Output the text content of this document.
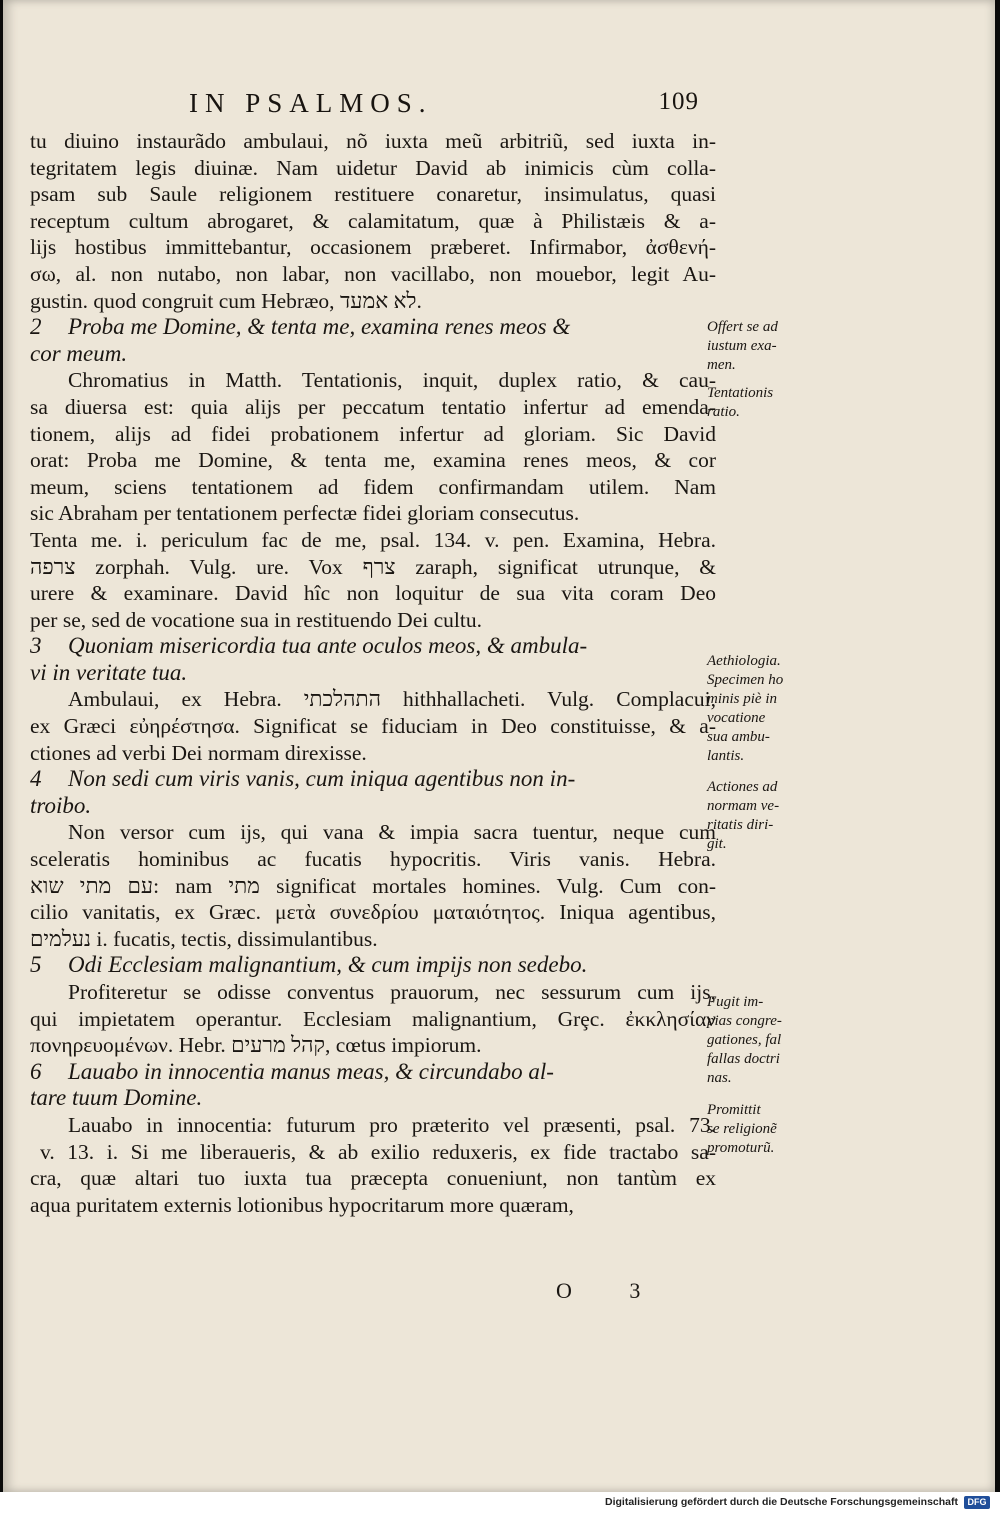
IN PSALMOS.	109
tu diuino instaurãdo ambulaui, nõ iuxta meũ arbitriũ, sed iuxta in-
tegritatem legis diuinæ. Nam uidetur David ab inimicis cùm colla-
psam sub Saule religionem restituere conaretur, insimulatus, quasi
receptum cultum abrogaret, & calamitatum, quæ à Philistæis & a-
lijs hostibus immittebantur, occasionem præberet. Infirmabor, ἀσθενή-
σω, al. non nutabo, non labar, non vacillabo, non mouebor, legit Au-
gustin. quod congruit cum Hebræo, לא אמעד.
2 Proba me Domine, & tenta me, examina renes meos &
cor meum.
Chromatius in Matth. Tentationis, inquit, duplex ratio, & cau-
sa diuersa est: quia alijs per peccatum tentatio infertur ad emenda-
tionem, alijs ad fidei probationem infertur ad gloriam. Sic David
orat: Proba me Domine, & tenta me, examina renes meos, & cor
meum, sciens tentationem ad fidem confirmandam utilem. Nam
sic Abraham per tentationem perfectæ fidei gloriam consecutus.
Tenta me. i. periculum fac de me, psal. 134. v. pen. Examina, Hebra.
צרפה zorphah. Vulg. ure. Vox צרף zaraph, significat utrunque, &
urere & examinare. David hîc non loquitur de sua vita coram Deo
per se, sed de vocatione sua in restituendo Dei cultu.
3 Quoniam misericordia tua ante oculos meos, & ambula-
vi in veritate tua.
Ambulaui, ex Hebra. התהלכתי hithhallacheti. Vulg. Complacui,
ex Græci εὐηρέστησα. Significat se fiduciam in Deo constituisse, & a-
ctiones ad verbi Dei normam direxisse.
4 Non sedi cum viris vanis, cum iniqua agentibus non in-
troibo.
Non versor cum ijs, qui vana & impia sacra tuentur, neque cum
sceleratis hominibus ac fucatis hypocritis. Viris vanis. Hebra.
עם מתי שוא: nam מתי significat mortales homines. Vulg. Cum con-
cilio vanitatis, ex Græc. μετὰ συνεδρίου ματαιότητος. Iniqua agentibus,
נעלמים i. fucatis, tectis, dissimulantibus.
5 Odi Ecclesiam malignantium, & cum impijs non sedebo.
Profiteretur se odisse conventus prauorum, nec sessurum cum ijs,
qui impietatem operantur. Ecclesiam malignantium, Grȩc. ἐκκλησίαν
πονηρευομένων. Hebr. קהל מרעים, cœtus impiorum.
6 Lauabo in innocentia manus meas, & circundabo al-
tare tuum Domine.
Lauabo in innocentia: futurum pro præterito vel præsenti, psal. 73.
v. 13. i. Si me liberaueris, & ab exilio reduxeris, ex fide tractabo sa-
cra, quæ altari tuo iuxta tua præcepta conueniunt, non tantùm ex
aqua puritatem externis lotionibus hypocritarum more quæram,
Offert se ad
iustum exa-
men.
Tentationis
ratio.
Aethiologia.
Specimen ho
minis piè in
vocatione
sua ambu-
lantis.
Actiones ad
normam ve-
ritatis diri-
git.
Fugit im-
pias congre-
gationes, fal
fallas doctri
nas.
Promittit
se religionẽ
promoturũ.
O 3
Digitalisierung gefördert durch die Deutsche Forschungsgemeinschaft	DFG
